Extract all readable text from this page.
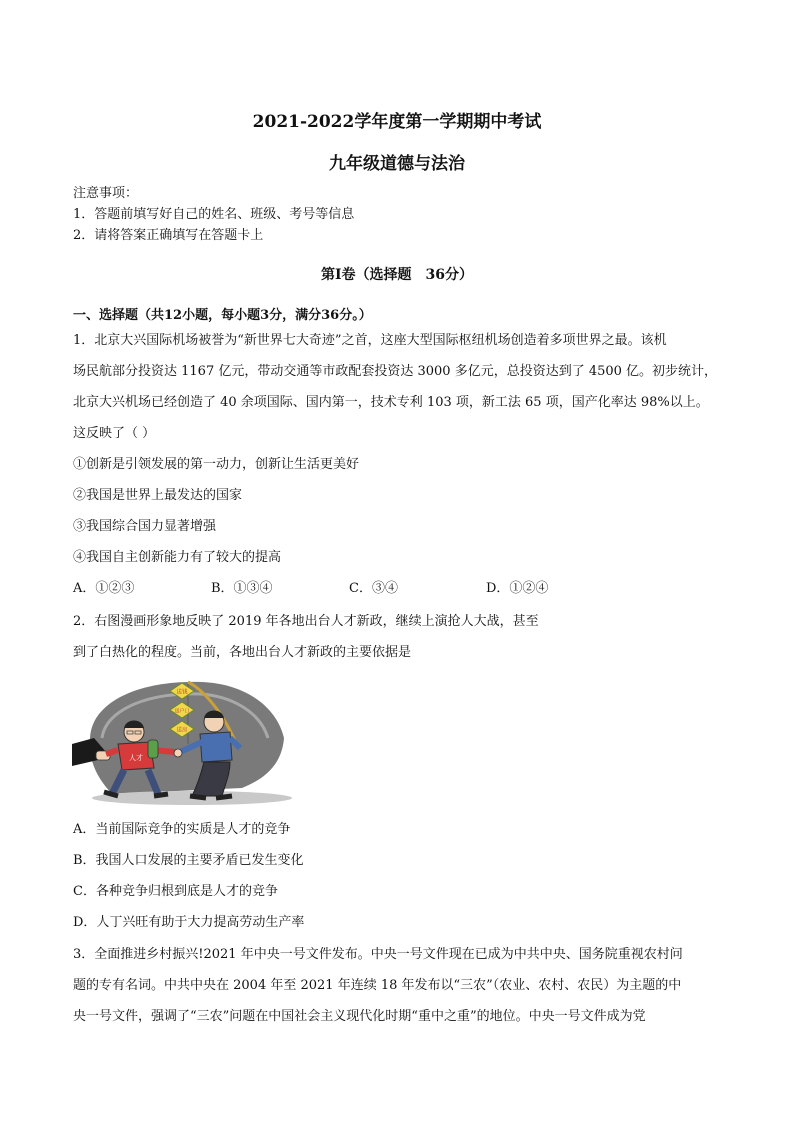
2021-2022学年度第一学期期中考试
九年级道德与法治
注意事项：
1．答题前填写好自己的姓名、班级、考号等信息
2．请将答案正确填写在答题卡上
第I卷（选择题 36分）
一、选择题（共12小题，每小题3分，满分36分。）
1．北京大兴国际机场被誉为“新世界七大奇迹”之首，这座大型国际枢纽机场创造着多项世界之最。该机
场民航部分投资达 1167 亿元，带动交通等市政配套投资达 3000 多亿元，总投资达到了 4500 亿。初步统计，
北京大兴机场已经创造了 40 余项国际、国内第一，技术专利 103 项，新工法 65 项，国产化率达 98%以上。
这反映了（ ）
①创新是引领发展的第一动力，创新让生活更美好
②我国是世界上最发达的国家
③我国综合国力显著增强
④我国自主创新能力有了较大的提高
A．①②③	B．①③④	C．③④	D．①②④
2．右图漫画形象地反映了 2019 年各地出台人才新政，继续上演抢人大战，甚至
到了白热化的程度。当前，各地出台人才新政的主要依据是
送钱
送户口
送房
人才
A．当前国际竞争的实质是人才的竞争
B．我国人口发展的主要矛盾已发生变化
C．各种竞争归根到底是人才的竞争
D．人丁兴旺有助于大力提高劳动生产率
3．全面推进乡村振兴!2021 年中央一号文件发布。中央一号文件现在已成为中共中央、国务院重视农村问
题的专有名词。中共中央在 2004 年至 2021 年连续 18 年发布以“三农”（农业、农村、农民）为主题的中
央一号文件，强调了“三农”问题在中国社会主义现代化时期“重中之重”的地位。中央一号文件成为党
